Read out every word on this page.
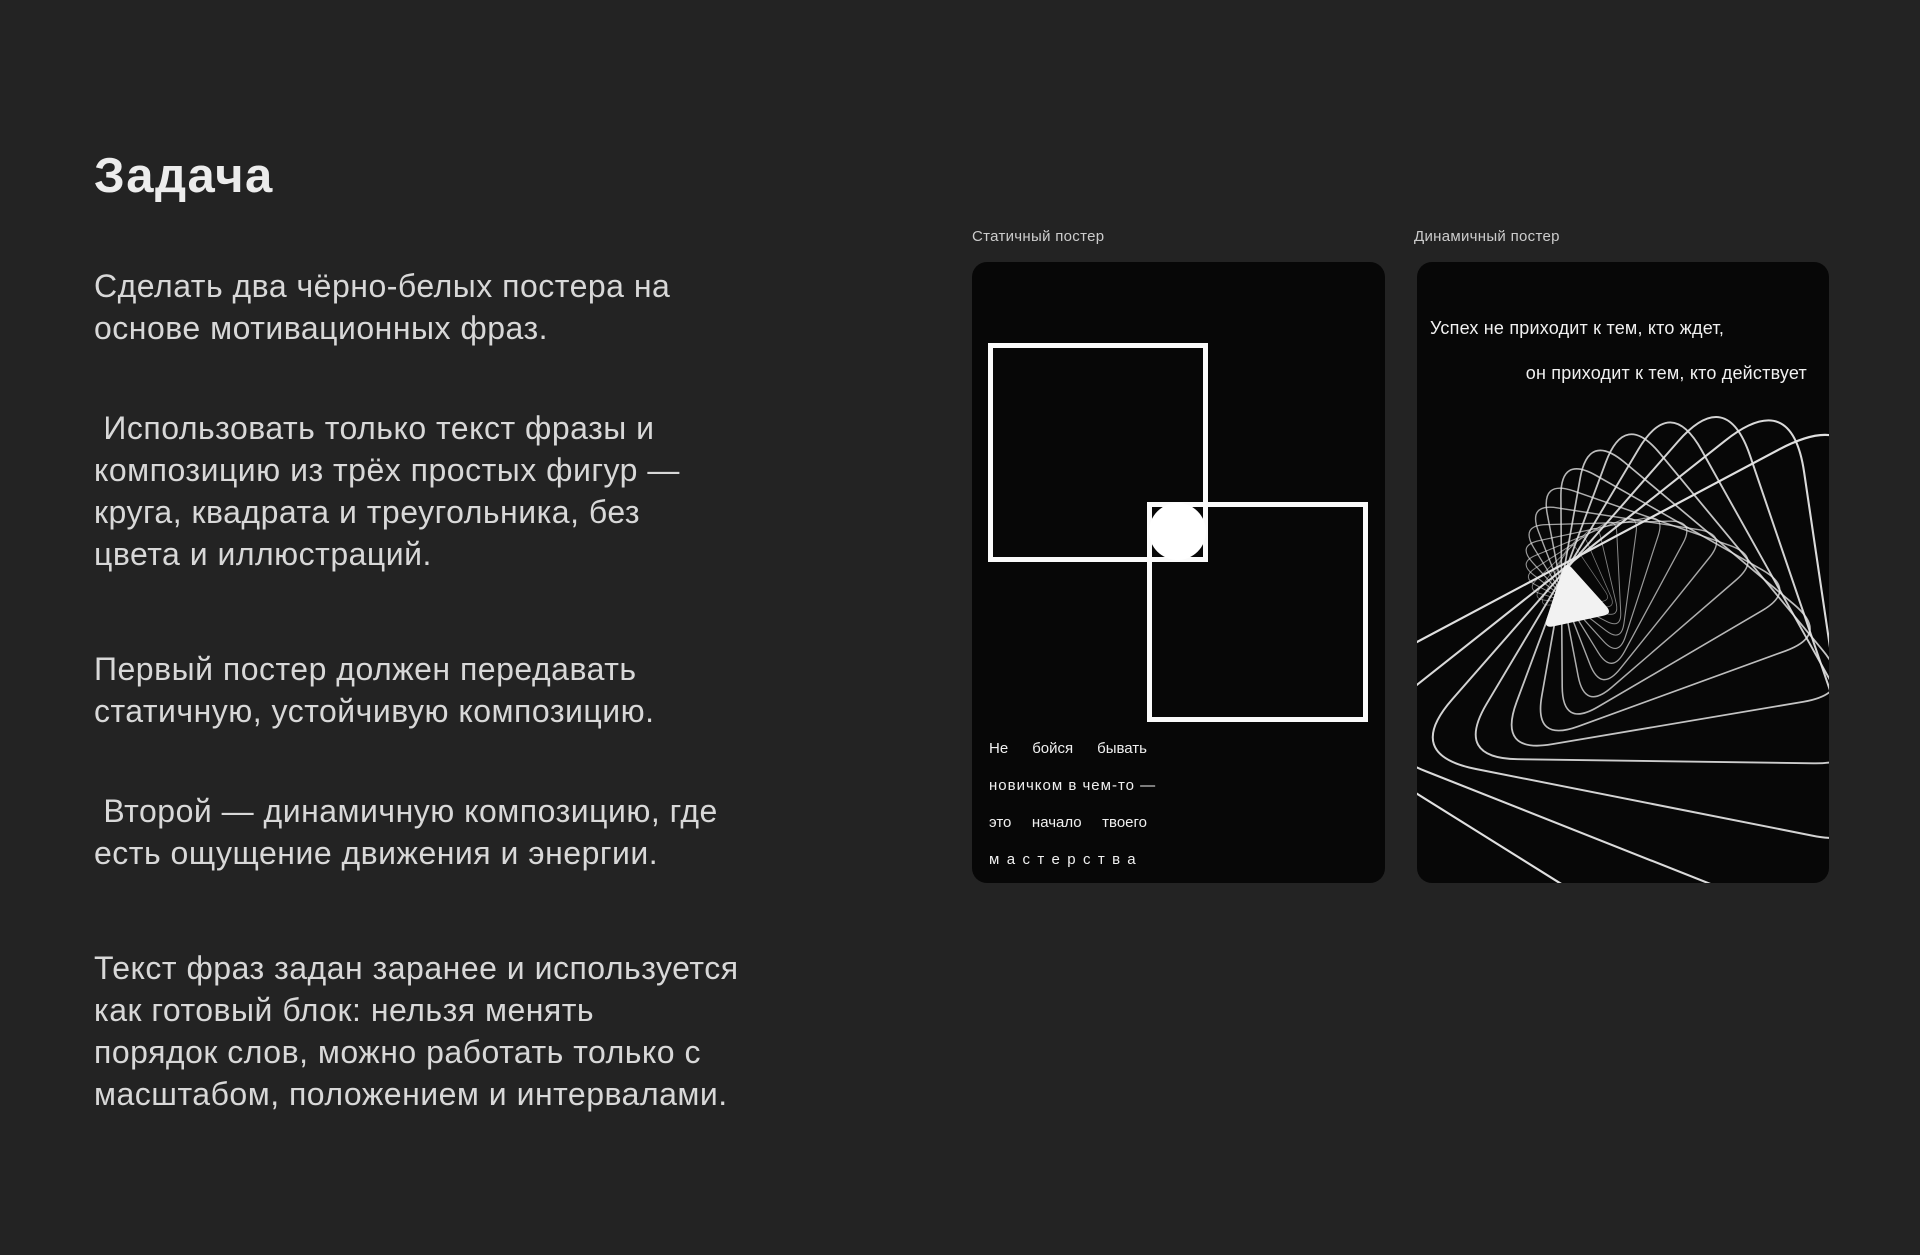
Задача

Сделать два чёрно-белых постера на
основе мотивационных фраз.

Использовать только текст фразы и
композицию из трёх простых фигур —
круга, квадрата и треугольника, без
цвета и иллюстраций.

Первый постер должен передавать
статичную, устойчивую композицию.

Второй — динамичную композицию, где
есть ощущение движения и энергии.

Текст фраз задан заранее и используется
как готовый блок: нельзя менять
порядок слов, можно работать только с
масштабом, положением и интервалами.

Статичный постер	Динамичный постер
Не бойся бывать
новичком в чем-то —
это начало твоего
мастерства
Успех не приходит к тем, кто ждет,
он приходит к тем, кто действует
